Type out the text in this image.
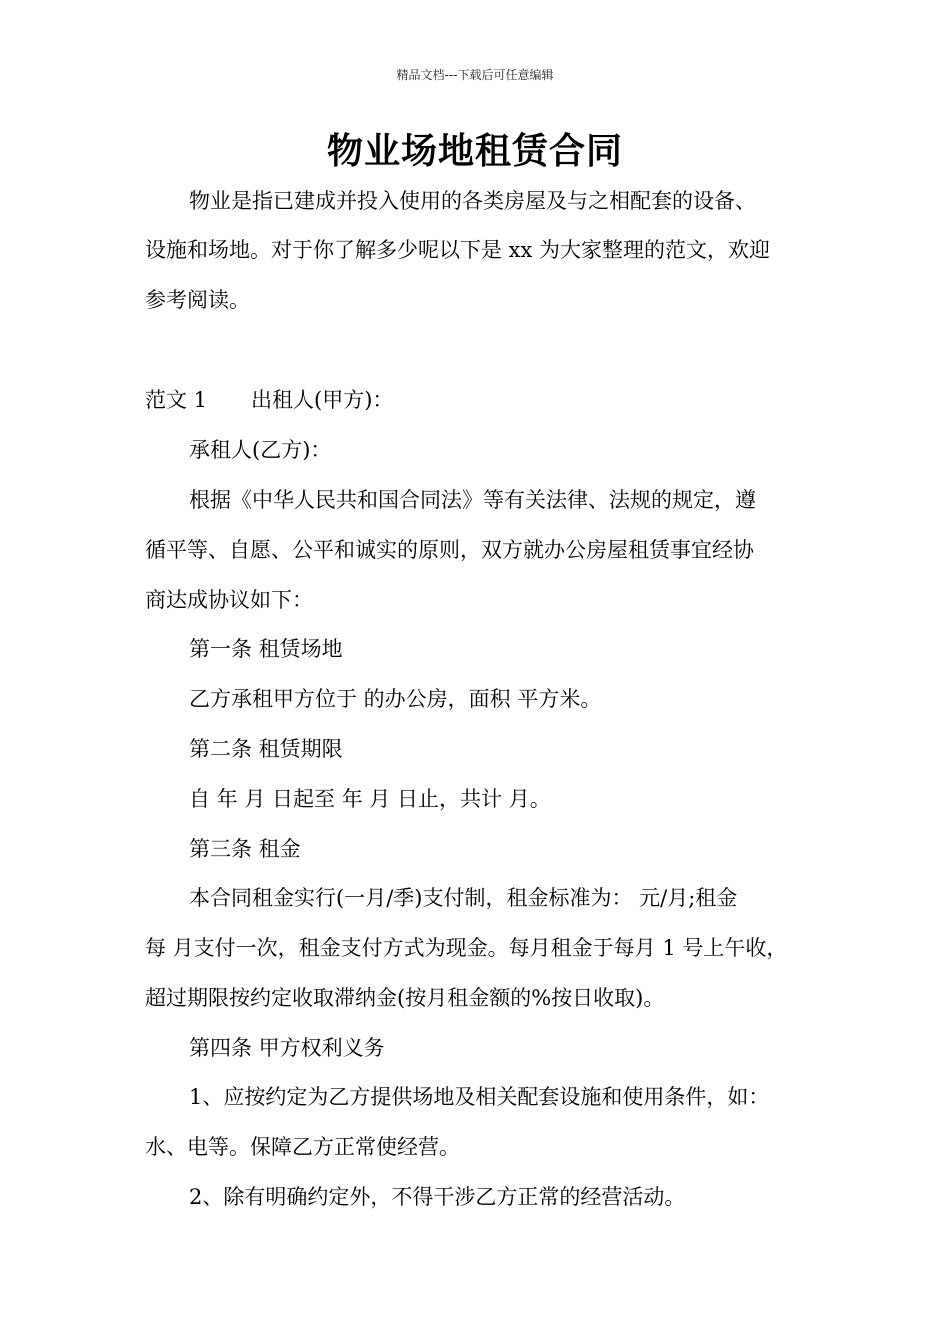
精品文档---下载后可任意编辑
物业场地租赁合同

物业是指已建成并投入使用的各类房屋及与之相配套的设备、

设施和场地。对于你了解多少呢以下是 xx 为大家整理的范文，欢迎

参考阅读。

范文 1 出租人(甲方)：

承租人(乙方)：

根据《中华人民共和国合同法》等有关法律、法规的规定，遵

循平等、自愿、公平和诚实的原则，双方就办公房屋租赁事宜经协

商达成协议如下：

第一条 租赁场地

乙方承租甲方位于 的办公房，面积 平方米。

第二条 租赁期限

自 年 月 日起至 年 月 日止，共计 月。

第三条 租金

本合同租金实行(一月/季)支付制，租金标准为： 元/月;租金

每 月支付一次，租金支付方式为现金。每月租金于每月 1 号上午收，

超过期限按约定收取滞纳金(按月租金额的%按日收取)。

第四条 甲方权利义务

1、应按约定为乙方提供场地及相关配套设施和使用条件，如：

水、电等。保障乙方正常使经营。

2、除有明确约定外，不得干涉乙方正常的经营活动。
